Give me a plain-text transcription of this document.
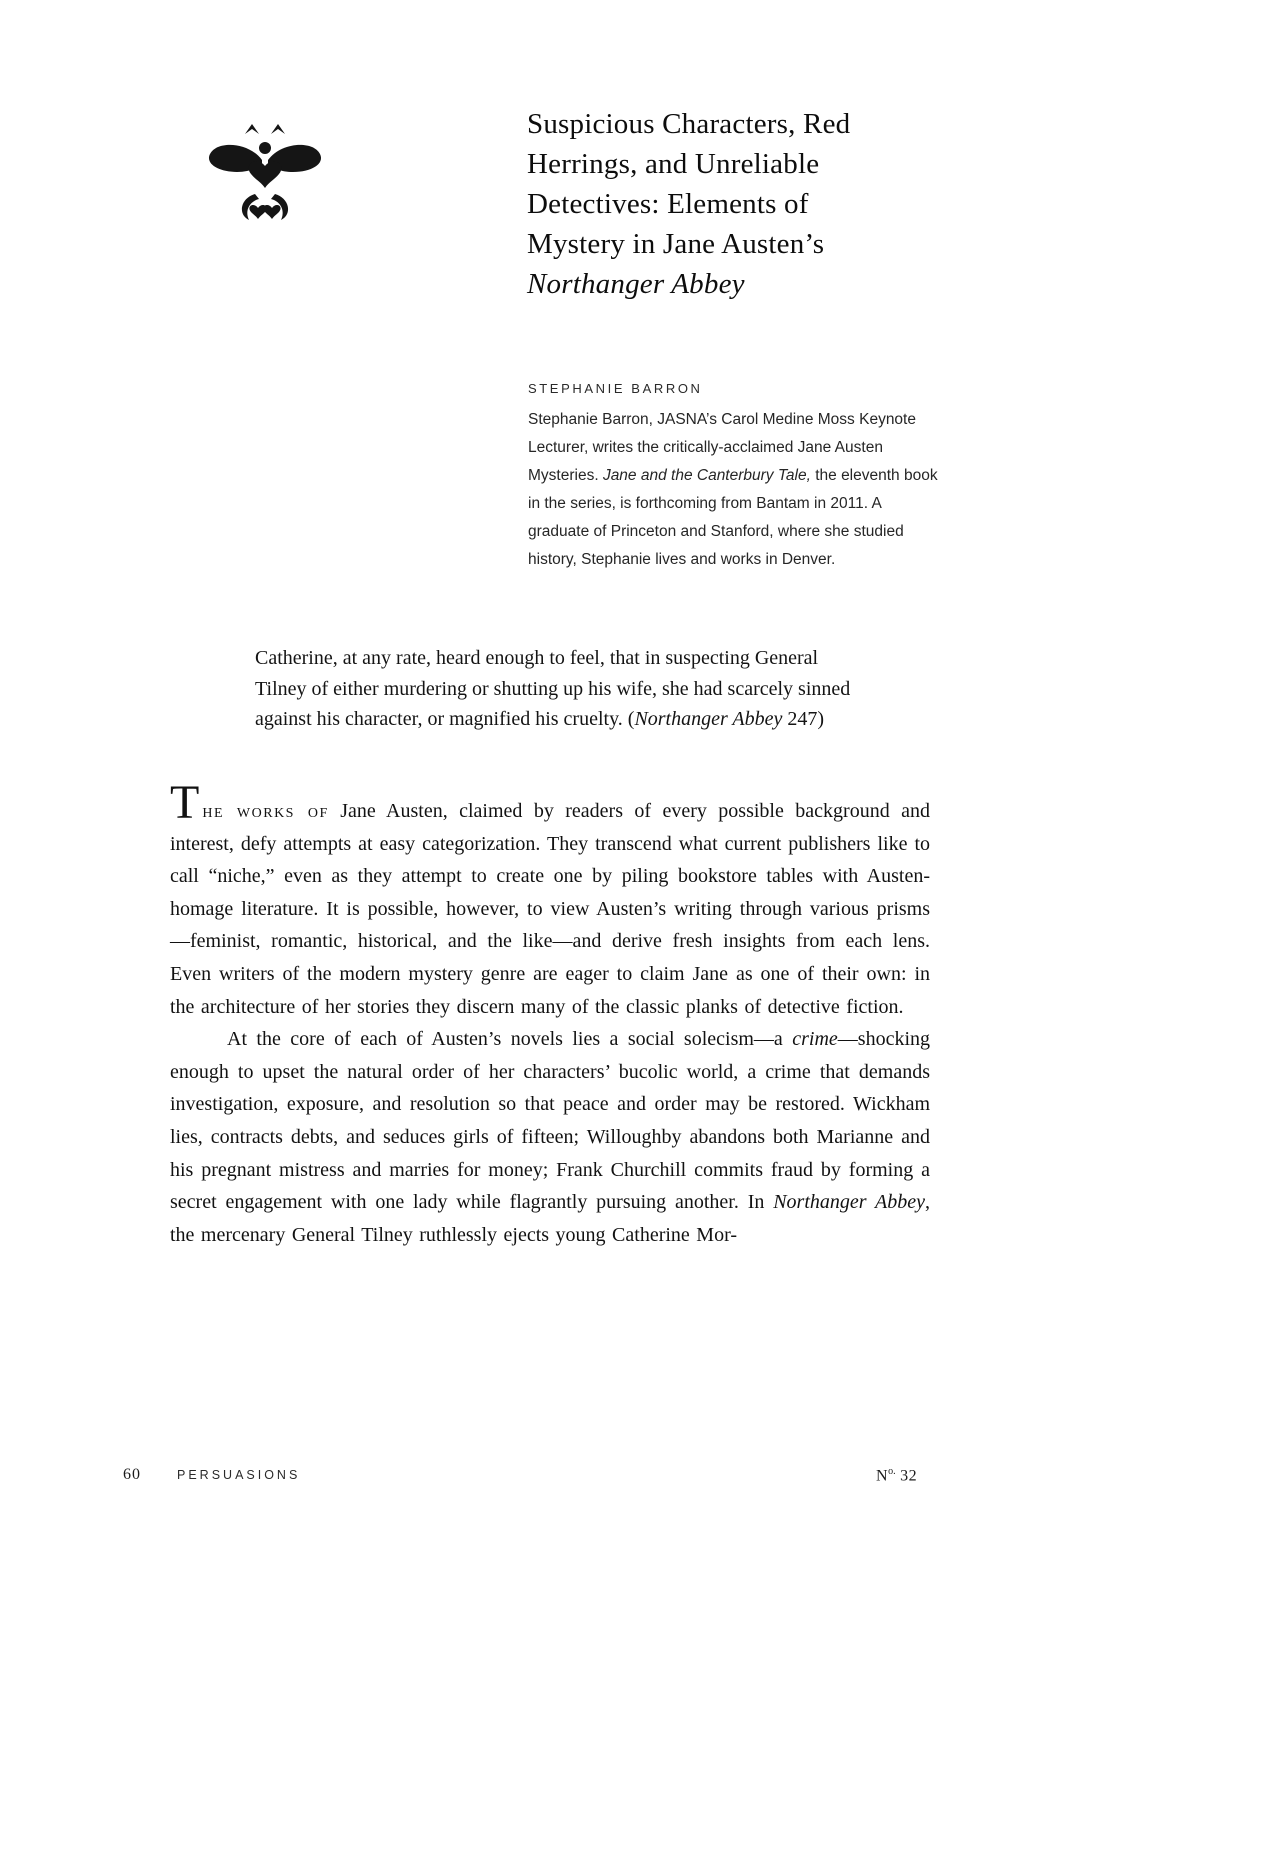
Suspicious Characters, Red
Herrings, and Unreliable
Detectives: Elements of
Mystery in Jane Austen’s
Northanger Abbey
STEPHANIE BARRON

Stephanie Barron, JASNA’s Carol Medine Moss Keynote Lecturer, writes the critically-acclaimed Jane Austen Mysteries. Jane and the Canterbury Tale, the eleventh book in the series, is forthcoming from Bantam in 2011. A graduate of Princeton and Stanford, where she studied history, Stephanie lives and works in Denver.

Catherine, at any rate, heard enough to feel, that in suspecting General Tilney of either murdering or shutting up his wife, she had scarcely sinned against his character, or magnified his cruelty. (Northanger Abbey 247)

The works of Jane Austen, claimed by readers of every possible background and interest, defy attempts at easy categorization. They transcend what current publishers like to call “niche,” even as they attempt to create one by piling bookstore tables with Austen-homage literature. It is possible, however, to view Austen’s writing through various prisms—feminist, romantic, historical, and the like—and derive fresh insights from each lens. Even writers of the modern mystery genre are eager to claim Jane as one of their own: in the architecture of her stories they discern many of the classic planks of detective fiction.

At the core of each of Austen’s novels lies a social solecism—a crime—shocking enough to upset the natural order of her characters’ bucolic world, a crime that demands investigation, exposure, and resolution so that peace and order may be restored. Wickham lies, contracts debts, and seduces girls of fifteen; Willoughby abandons both Marianne and his pregnant mistress and marries for money; Frank Churchill commits fraud by forming a secret engagement with one lady while flagrantly pursuing another. In Northanger Abbey, the mercenary General Tilney ruthlessly ejects young Catherine Mor-

60	PERSUASIONS	$N^{o.}$ 32
